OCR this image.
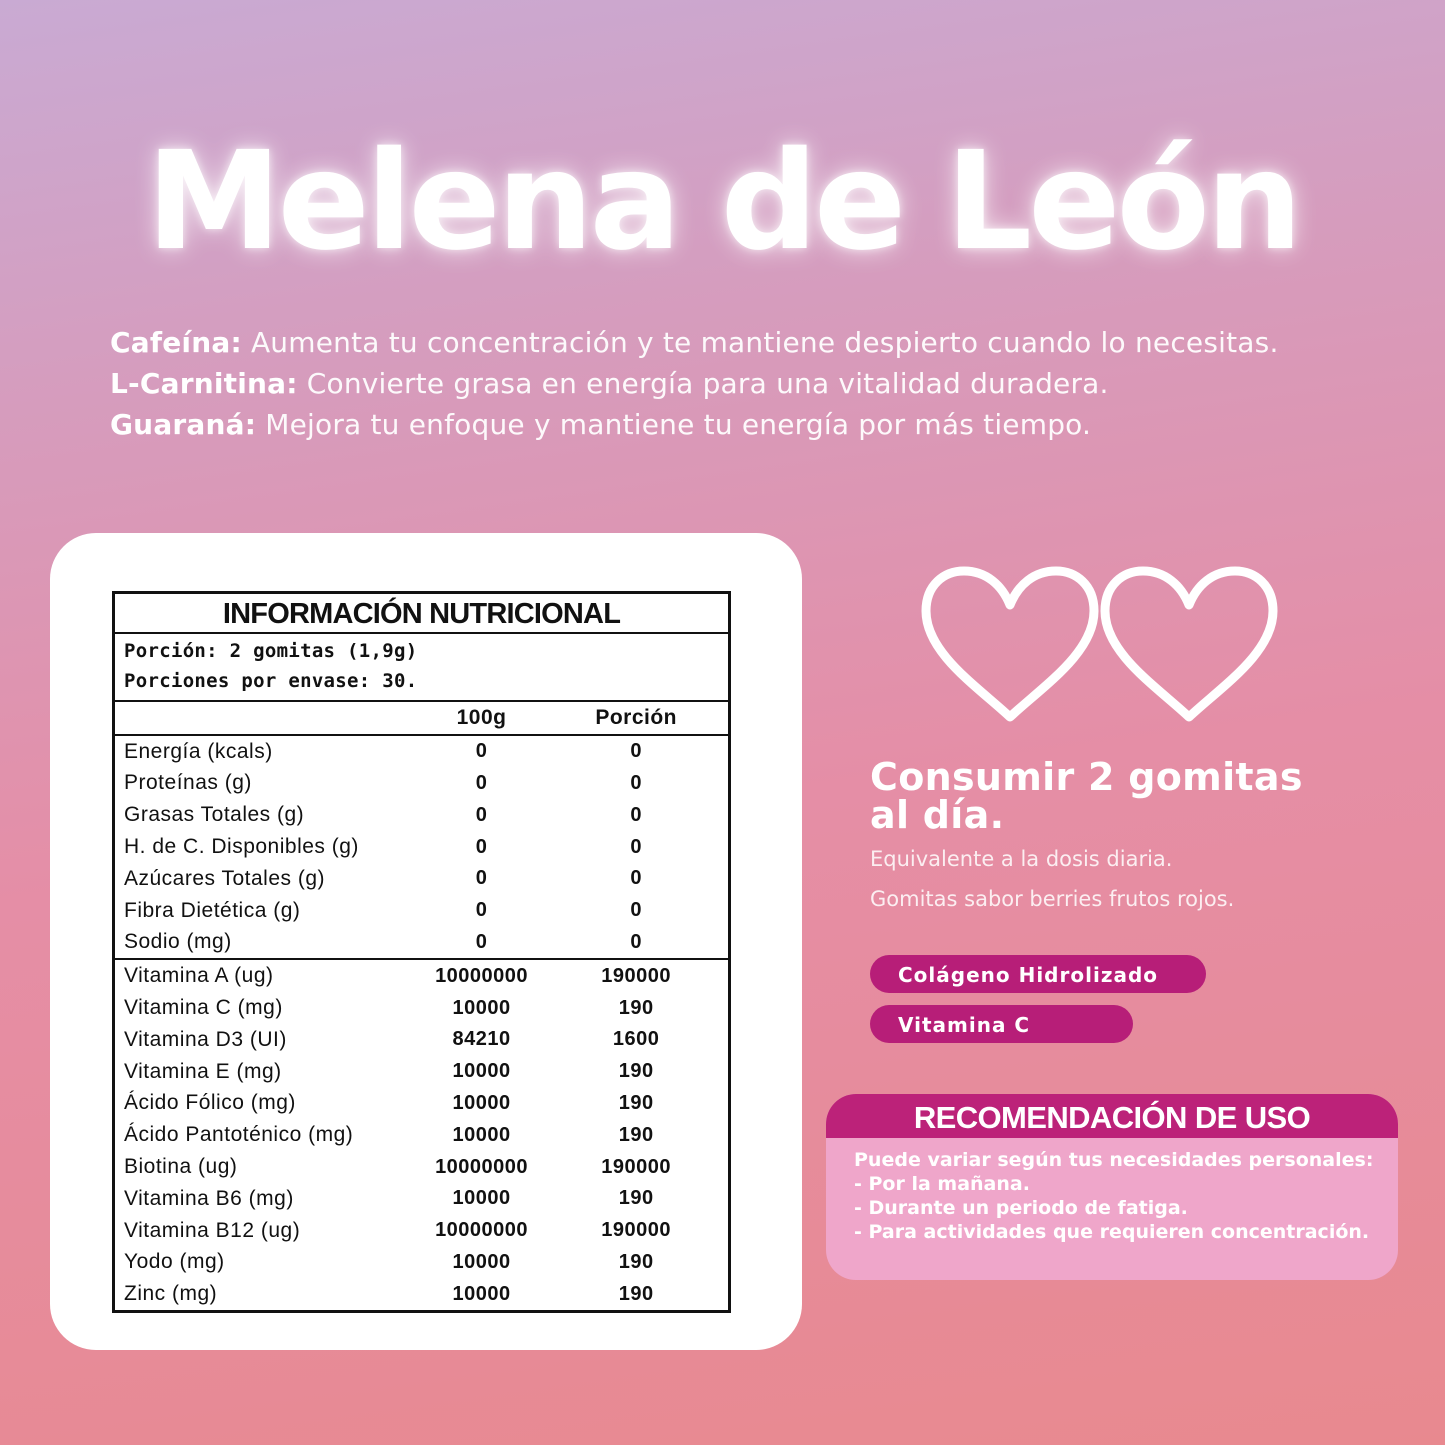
Melena de León
Cafeína: Aumenta tu concentración y te mantiene despierto cuando lo necesitas.
L-Carnitina: Convierte grasa en energía para una vitalidad duradera.
Guaraná: Mejora tu enfoque y mantiene tu energía por más tiempo.
INFORMACIÓN NUTRICIONAL
Porción: 2 gomitas (1,9g)
Porciones por envase: 30.
100g	Porción
Energía (kcals)	0	0
Proteínas (g)	0	0
Grasas Totales (g)	0	0
H. de C. Disponibles (g)	0	0
Azúcares Totales (g)	0	0
Fibra Dietética (g)	0	0
Sodio (mg)	0	0
Vitamina A (ug)	10000000	190000
Vitamina C (mg)	10000	190
Vitamina D3 (UI)	84210	1600
Vitamina E (mg)	10000	190
Ácido Fólico (mg)	10000	190
Ácido Pantoténico (mg)	10000	190
Biotina (ug)	10000000	190000
Vitamina B6 (mg)	10000	190
Vitamina B12 (ug)	10000000	190000
Yodo (mg)	10000	190
Zinc (mg)	10000	190
Consumir 2 gomitas
al día.
Equivalente a la dosis diaria.
Gomitas sabor berries frutos rojos.
Colágeno Hidrolizado
Vitamina C
RECOMENDACIÓN DE USO
Puede variar según tus necesidades personales:
- Por la mañana.
- Durante un periodo de fatiga.
- Para actividades que requieren concentración.
